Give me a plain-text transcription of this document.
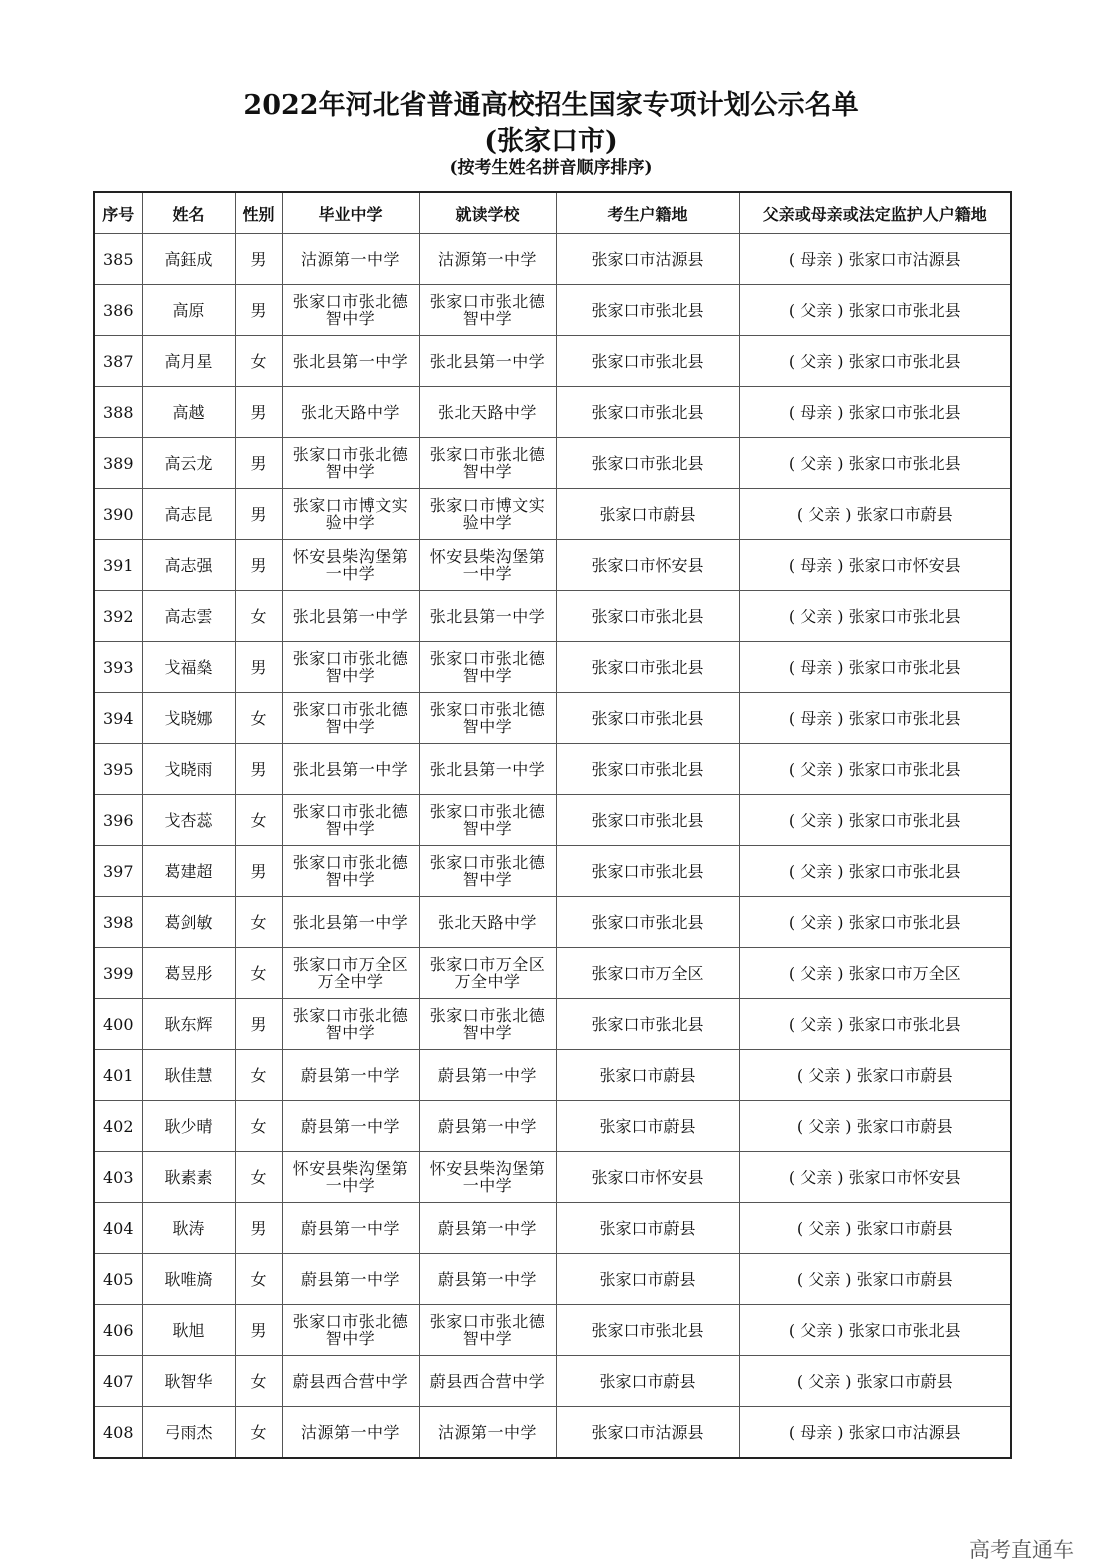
2022年河北省普通高校招生国家专项计划公示名单
(张家口市)
(按考生姓名拼音顺序排序)
序号	姓名	性别	毕业中学	就读学校	考生户籍地	父亲或母亲或法定监护人户籍地
385	高鈺成	男	沽源第一中学	沽源第一中学	张家口市沽源县	( 母亲 ) 张家口市沽源县
386	高原	男	张家口市张北德智中学	张家口市张北德智中学	张家口市张北县	( 父亲 ) 张家口市张北县
387	高月星	女	张北县第一中学	张北县第一中学	张家口市张北县	( 父亲 ) 张家口市张北县
388	高越	男	张北天路中学	张北天路中学	张家口市张北县	( 母亲 ) 张家口市张北县
389	高云龙	男	张家口市张北德智中学	张家口市张北德智中学	张家口市张北县	( 父亲 ) 张家口市张北县
390	高志昆	男	张家口市博文实验中学	张家口市博文实验中学	张家口市蔚县	( 父亲 ) 张家口市蔚县
391	高志强	男	怀安县柴沟堡第一中学	怀安县柴沟堡第一中学	张家口市怀安县	( 母亲 ) 张家口市怀安县
392	高志雲	女	张北县第一中学	张北县第一中学	张家口市张北县	( 父亲 ) 张家口市张北县
393	戈福燊	男	张家口市张北德智中学	张家口市张北德智中学	张家口市张北县	( 母亲 ) 张家口市张北县
394	戈晓娜	女	张家口市张北德智中学	张家口市张北德智中学	张家口市张北县	( 母亲 ) 张家口市张北县
395	戈晓雨	男	张北县第一中学	张北县第一中学	张家口市张北县	( 父亲 ) 张家口市张北县
396	戈杏蕊	女	张家口市张北德智中学	张家口市张北德智中学	张家口市张北县	( 父亲 ) 张家口市张北县
397	葛建超	男	张家口市张北德智中学	张家口市张北德智中学	张家口市张北县	( 父亲 ) 张家口市张北县
398	葛剑敏	女	张北县第一中学	张北天路中学	张家口市张北县	( 父亲 ) 张家口市张北县
399	葛昱彤	女	张家口市万全区万全中学	张家口市万全区万全中学	张家口市万全区	( 父亲 ) 张家口市万全区
400	耿东辉	男	张家口市张北德智中学	张家口市张北德智中学	张家口市张北县	( 父亲 ) 张家口市张北县
401	耿佳慧	女	蔚县第一中学	蔚县第一中学	张家口市蔚县	( 父亲 ) 张家口市蔚县
402	耿少晴	女	蔚县第一中学	蔚县第一中学	张家口市蔚县	( 父亲 ) 张家口市蔚县
403	耿素素	女	怀安县柴沟堡第一中学	怀安县柴沟堡第一中学	张家口市怀安县	( 父亲 ) 张家口市怀安县
404	耿涛	男	蔚县第一中学	蔚县第一中学	张家口市蔚县	( 父亲 ) 张家口市蔚县
405	耿唯旖	女	蔚县第一中学	蔚县第一中学	张家口市蔚县	( 父亲 ) 张家口市蔚县
406	耿旭	男	张家口市张北德智中学	张家口市张北德智中学	张家口市张北县	( 父亲 ) 张家口市张北县
407	耿智华	女	蔚县西合营中学	蔚县西合营中学	张家口市蔚县	( 父亲 ) 张家口市蔚县
408	弓雨杰	女	沽源第一中学	沽源第一中学	张家口市沽源县	( 母亲 ) 张家口市沽源县
高考直通车
